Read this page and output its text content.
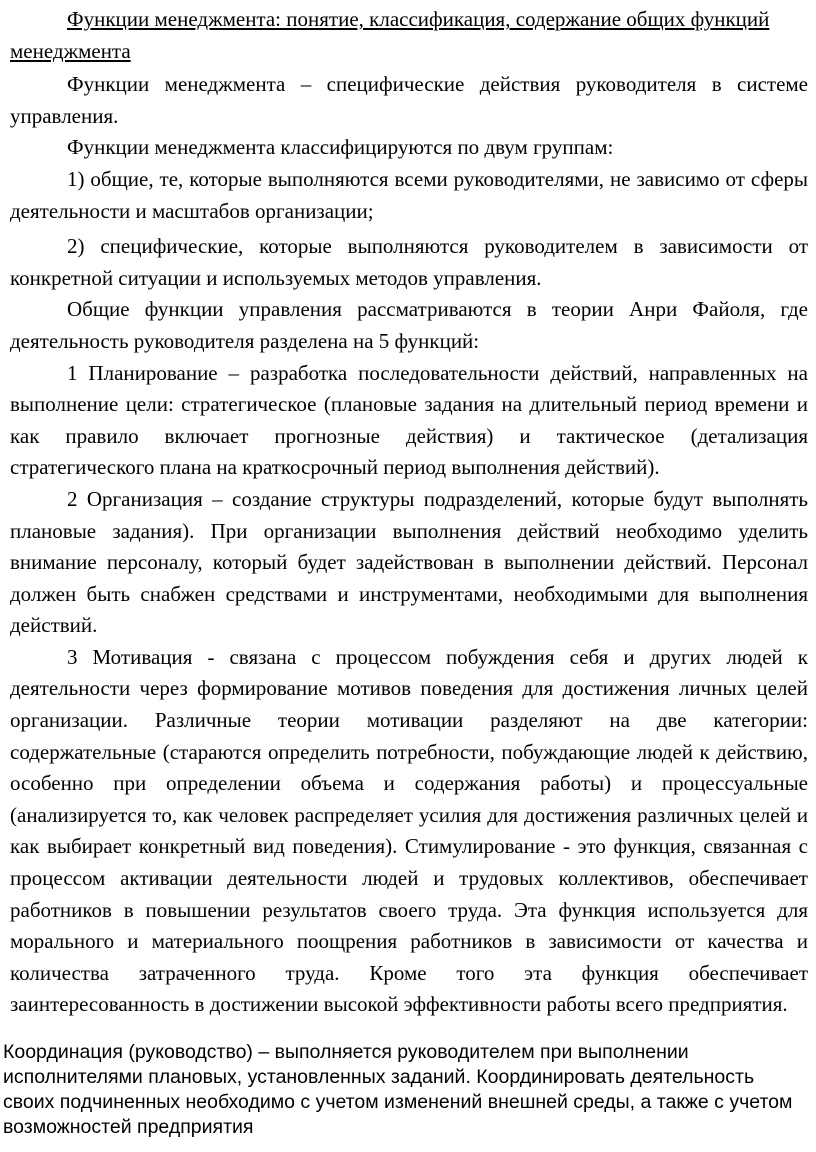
Функции менеджмента: понятие, классификация, содержание общих функций менеджмента

Функции менеджмента – специфические действия руководителя в системе управления.

Функции менеджмента классифицируются по двум группам:

1) общие, те, которые выполняются всеми руководителями, не зависимо от сферы деятельности и масштабов организации;

2) специфические, которые выполняются руководителем в зависимости от конкретной ситуации и используемых методов управления.

Общие функции управления рассматриваются в теории Анри Файоля, где деятельность руководителя разделена на 5 функций:

1 Планирование – разработка последовательности действий, направленных на выполнение цели: стратегическое (плановые задания на длительный период времени и как правило включает прогнозные действия) и тактическое (детализация стратегического плана на краткосрочный период выполнения действий).

2 Организация – создание структуры подразделений, которые будут выполнять плановые задания). При организации выполнения действий необходимо уделить внимание персоналу, который будет задействован в выполнении действий. Персонал должен быть снабжен средствами и инструментами, необходимыми для выполнения действий.

3 Мотивация - связана с процессом побуждения себя и других людей к деятельности через формирование мотивов поведения для достижения личных целей организации. Различные теории мотивации разделяют на две категории: содержательные (стараются определить потребности, побуждающие людей к действию, особенно при определении объема и содержания работы) и процессуальные (анализируется то, как человек распределяет усилия для достижения различных целей и как выбирает конкретный вид поведения). Стимулирование - это функция, связанная с процессом активации деятельности людей и трудовых коллективов, обеспечивает работников в повышении результатов своего труда. Эта функция используется для морального и материального поощрения работников в зависимости от качества и количества затраченного труда. Кроме того эта функция обеспечивает заинтересованность в достижении высокой эффективности работы всего предприятия.

Координация (руководство) – выполняется руководителем при выполнении исполнителями плановых, установленных заданий. Координировать деятельность своих подчиненных необходимо с учетом изменений внешней среды, а также с учетом возможностей предприятия
